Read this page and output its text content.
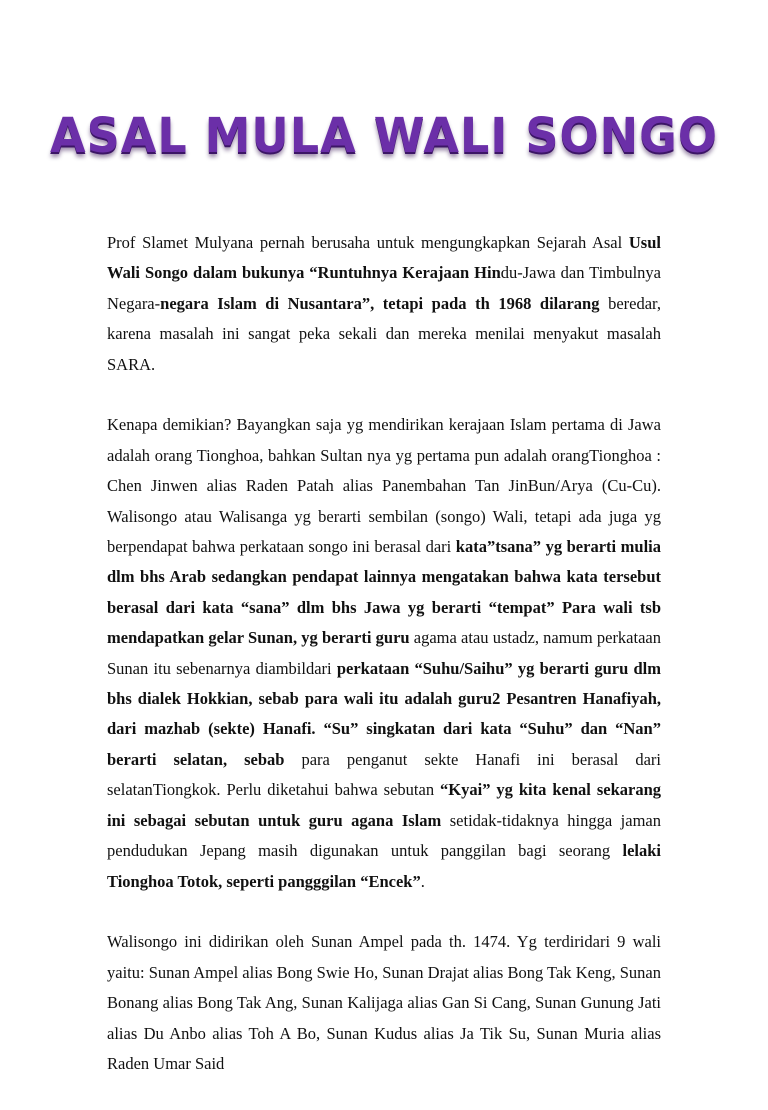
ASAL MULA WALI SONGO

Prof Slamet Mulyana pernah berusaha untuk mengungkapkan Sejarah Asal Usul Wali Songo dalam bukunya “Runtuhnya Kerajaan Hindu-Jawa dan Timbulnya Negara-negara Islam di Nusantara”, tetapi pada th 1968 dilarang beredar, karena masalah ini sangat peka sekali dan mereka menilai menyakut masalah SARA.

Kenapa demikian? Bayangkan saja yg mendirikan kerajaan Islam pertama di Jawa adalah orang Tionghoa, bahkan Sultan nya yg pertama pun adalah orangTionghoa : Chen Jinwen alias Raden Patah alias Panembahan Tan JinBun/Arya (Cu-Cu). Walisongo atau Walisanga yg berarti sembilan (songo) Wali, tetapi ada juga yg berpendapat bahwa perkataan songo ini berasal dari kata”tsana” yg berarti mulia dlm bhs Arab sedangkan pendapat lainnya mengatakan bahwa kata tersebut berasal dari kata “sana” dlm bhs Jawa yg berarti “tempat” Para wali tsb mendapatkan gelar Sunan, yg berarti guru agama atau ustadz, namum perkataan Sunan itu sebenarnya diambildari perkataan “Suhu/Saihu” yg berarti guru dlm bhs dialek Hokkian, sebab para wali itu adalah guru2 Pesantren Hanafiyah, dari mazhab (sekte) Hanafi. “Su” singkatan dari kata “Suhu” dan “Nan” berarti selatan, sebab para penganut sekte Hanafi ini berasal dari selatanTiongkok. Perlu diketahui bahwa sebutan “Kyai” yg kita kenal sekarang ini sebagai sebutan untuk guru agana Islam setidak-tidaknya hingga jaman pendudukan Jepang masih digunakan untuk panggilan bagi seorang lelaki Tionghoa Totok, seperti pangggilan “Encek”.

Walisongo ini didirikan oleh Sunan Ampel pada th. 1474. Yg terdiridari 9 wali yaitu: Sunan Ampel alias Bong Swie Ho, Sunan Drajat alias Bong Tak Keng, Sunan Bonang alias Bong Tak Ang, Sunan Kalijaga alias Gan Si Cang, Sunan Gunung Jati alias Du Anbo alias Toh A Bo, Sunan Kudus alias Ja Tik Su, Sunan Muria alias Raden Umar Said
